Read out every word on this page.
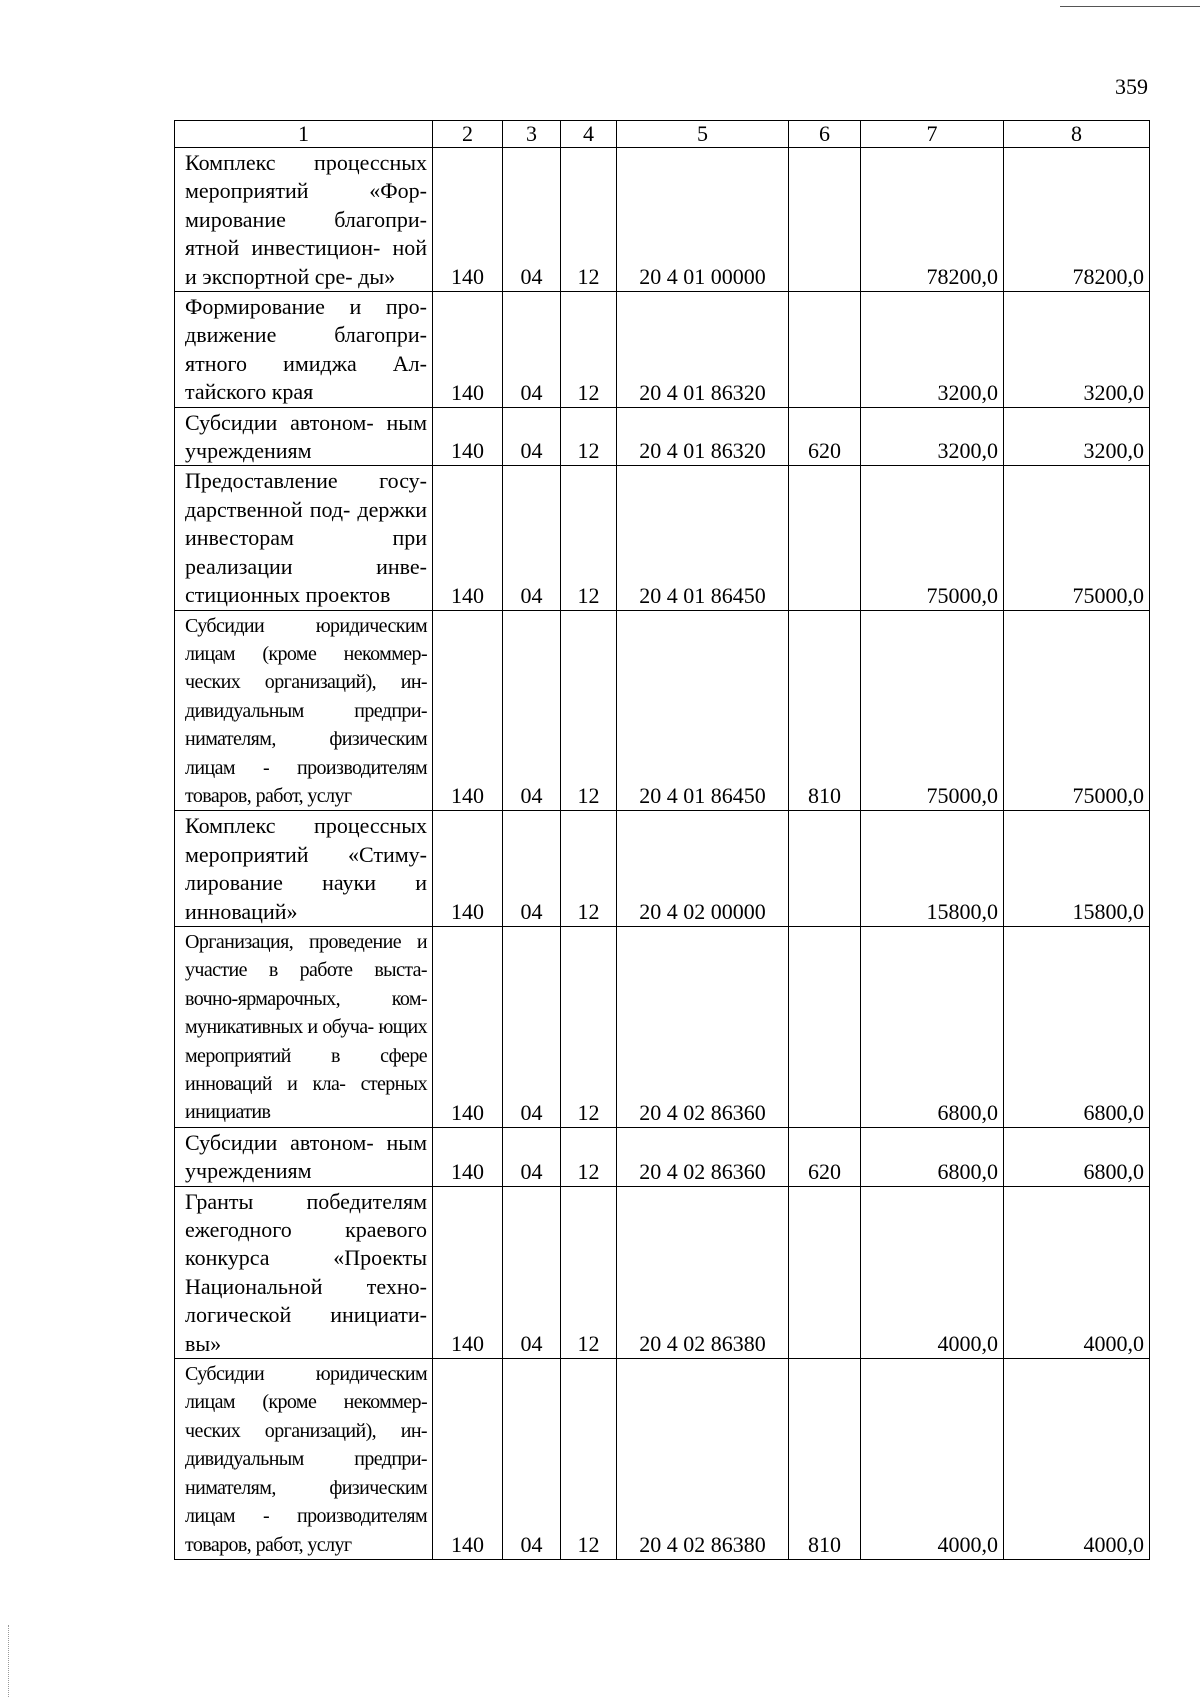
359
1	2	3	4	5	6	7	8
Комплекс процессных мероприятий «Фор- мирование благопри- ятной инвестицион- ной и экспортной сре- ды»	140	04	12	20 4 01 00000		78200,0	78200,0
Формирование и про- движение благопри- ятного имиджа Ал- тайского края	140	04	12	20 4 01 86320		3200,0	3200,0
Субсидии автоном- ным учреждениям	140	04	12	20 4 01 86320	620	3200,0	3200,0
Предоставление госу- дарственной под- держки инвесторам при реализации инве- стиционных проектов	140	04	12	20 4 01 86450		75000,0	75000,0
Субсидии юридическим лицам (кроме некоммер- ческих организаций), ин- дивидуальным предпри- нимателям, физическим лицам - производителям товаров, работ, услуг	140	04	12	20 4 01 86450	810	75000,0	75000,0
Комплекс процессных мероприятий «Стиму- лирование науки и инноваций»	140	04	12	20 4 02 00000		15800,0	15800,0
Организация, проведение и участие в работе выста- вочно-ярмарочных, ком- муникативных и обуча- ющих мероприятий в сфере инноваций и кла- стерных инициатив	140	04	12	20 4 02 86360		6800,0	6800,0
Субсидии автоном- ным учреждениям	140	04	12	20 4 02 86360	620	6800,0	6800,0
Гранты победителям ежегодного краевого конкурса «Проекты Национальной техно- логической инициати- вы»	140	04	12	20 4 02 86380		4000,0	4000,0
Субсидии юридическим лицам (кроме некоммер- ческих организаций), ин- дивидуальным предпри- нимателям, физическим лицам - производителям товаров, работ, услуг	140	04	12	20 4 02 86380	810	4000,0	4000,0
